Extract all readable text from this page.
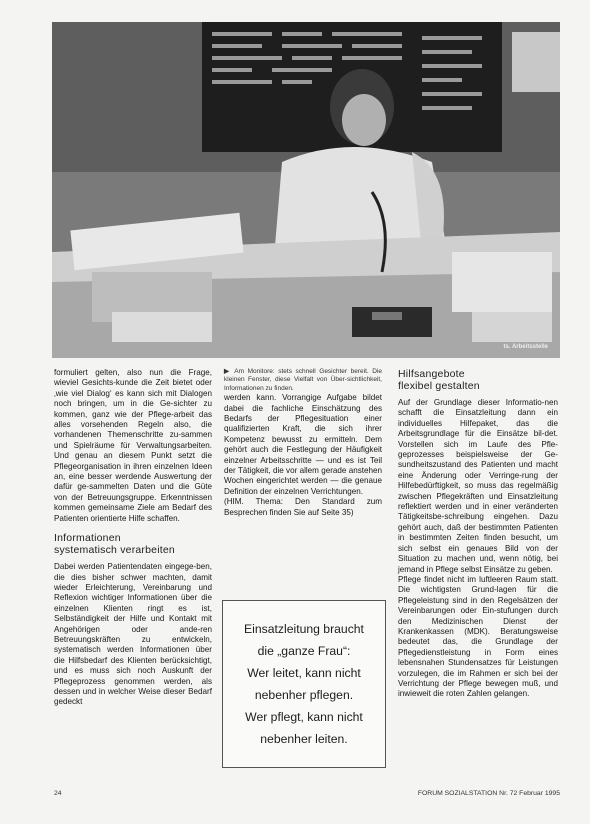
ts. Arbeitsstelle

formuliert gelten, also nun die Frage, wieviel Gesichts-kunde die Zeit bietet oder ‚wie viel Dialog‘ es kann sich mit Dialogen noch bringen, um in die Ge-sichter zu kommen, ganz wie der Pflege-arbeit das alles vorsehenden Regeln also, die vorhandenen Themenschritte zu-sammen und Spielräume für Verwaltungsarbeiten. Und genau an diesem Punkt setzt die Pflegeorganisation in ihren einzelnen Ideen an, eine besser werdende Auswertung der dafür ge-sammelten Daten und die Güte von der Betreuungsgruppe. Erkenntnissen kommen gemeinsame Ziele am Bedarf des Patienten orientierte Hilfe schaffen.

Informationen
systematisch verarbeiten

Dabei werden Patientendaten eingege-ben, die dies bisher schwer machten, damit wieder Erleichterung, Vereinbarung und Reflexion wichtiger Informationen über die einzelnen Klienten ringt es ist, Selbständigkeit der Hilfe und Kontakt mit Angehörigen oder ande-ren Betreuungskräften zu entwickeln, systematisch werden Informationen über die Hilfsbedarf des Klienten berücksichtigt, und es muss sich noch Auskunft der Pflegeprozess genommen werden, als dessen und in welcher Weise dieser Bedarf gedeckt

▶ Am Monitore: stets schnell Gesichter bereit. Die kleinen Fenster, diese Vielfalt von Über-sichtlichkeit, Informationen zu finden.

werden kann. Vorrangige Aufgabe bildet dabei die fachliche Einschätzung des Bedarfs der Pflegesituation einer qualifizierten Kraft, die sich ihrer Kompetenz bewusst zu ermitteln. Dem gehört auch die Festlegung der Häufigkeit einzelner Arbeitsschritte — und es ist Teil der Tätigkeit, die vor allem gerade anstehen Wochen eingerichtet werden — die genaue Definition der einzelnen Verrichtungen.

(HIM. Thema: Den Standard zum Besprechen finden Sie auf Seite 35)

Einsatzleitung braucht
die „ganze Frau“:
Wer leitet, kann nicht
nebenher pflegen.
Wer pflegt, kann nicht
nebenher leiten.
Hilfsangebote
flexibel gestalten

Auf der Grundlage dieser Informatio-nen schafft die Einsatzleitung dann ein individuelles Hilfepaket, das die Arbeitsgrundlage für die Einsätze bil-det. Vorstellen sich im Laufe des Pfle-geprozesses beispielsweise der Ge-sundheitszustand des Patienten und macht eine Änderung oder Verringe-rung der Hilfebedürftigkeit, so muss das regelmäßig zwischen Pflegekräften und Einsatzleitung reflektiert werden und in einer veränderten Tätigkeitsbe-schreibung eingehen. Dazu gehört auch, daß der bestimmten Patienten in bestimmten Zeiten finden besucht, um sich selbst ein genaues Bild von der Situation zu machen und, wenn nötig, bei jemand in Pflege selbst Einsätze zu geben.

Pflege findet nicht im luftleeren Raum statt. Die wichtigsten Grund-lagen für die Pflegeleistung sind in den Regelsätzen der Vereinbarungen oder Ein-stufungen durch den Medizinischen Dienst der Krankenkassen (MDK). Beratungsweise bedeutet das, die Grundlage der Pflegedienstleistung in Form eines lebensnahen Stundensatzes für Leistungen vorzulegen, die im Rahmen er sich bei der Verrichtung der Pflege bewegen muß, und inwieweit die roten Zahlen gelangen.

24	FORUM SOZIALSTATION Nr. 72 Februar 1995
